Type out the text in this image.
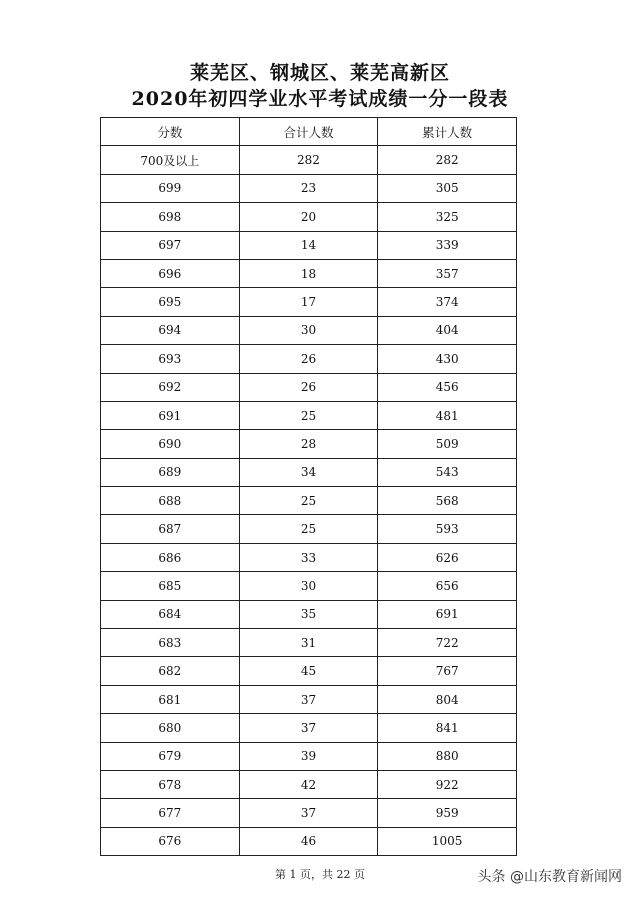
莱芜区、钢城区、莱芜高新区
2020年初四学业水平考试成绩一分一段表
分数	合计人数	累计人数
700及以上	282	282
699	23	305
698	20	325
697	14	339
696	18	357
695	17	374
694	30	404
693	26	430
692	26	456
691	25	481
690	28	509
689	34	543
688	25	568
687	25	593
686	33	626
685	30	656
684	35	691
683	31	722
682	45	767
681	37	804
680	37	841
679	39	880
678	42	922
677	37	959
676	46	1005
第 1 页，共 22 页	头条 @山东教育新闻网
